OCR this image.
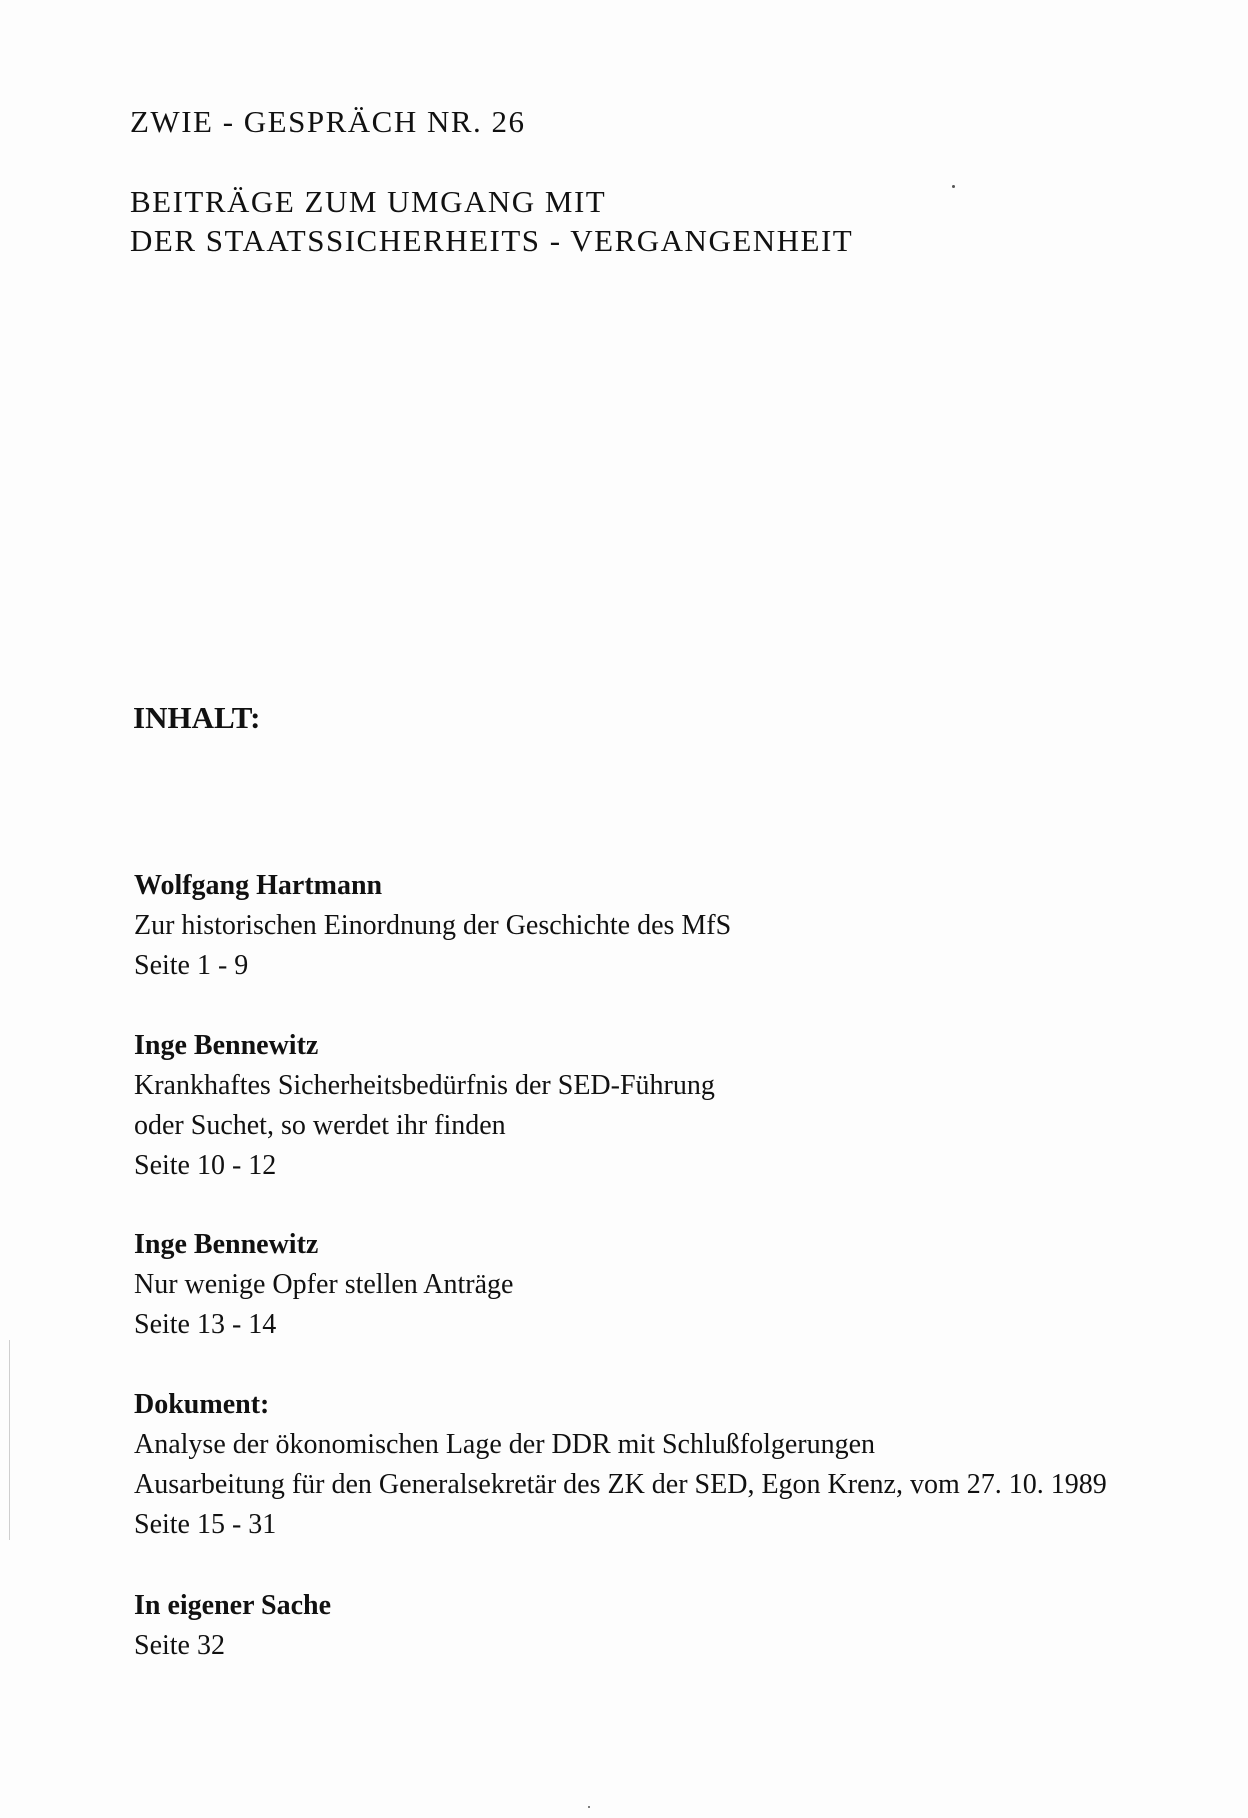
ZWIE - GESPRÄCH NR. 26
BEITRÄGE ZUM UMGANG MIT
DER STAATSSICHERHEITS - VERGANGENHEIT
INHALT:
Wolfgang Hartmann
Zur historischen Einordnung der Geschichte des MfS
Seite 1 - 9
Inge Bennewitz
Krankhaftes Sicherheitsbedürfnis der SED-Führung
oder Suchet, so werdet ihr finden
Seite 10 - 12
Inge Bennewitz
Nur wenige Opfer stellen Anträge
Seite 13 - 14
Dokument:
Analyse der ökonomischen Lage der DDR mit Schlußfolgerungen
Ausarbeitung für den Generalsekretär des ZK der SED, Egon Krenz, vom 27. 10. 1989
Seite 15 - 31
In eigener Sache
Seite 32
